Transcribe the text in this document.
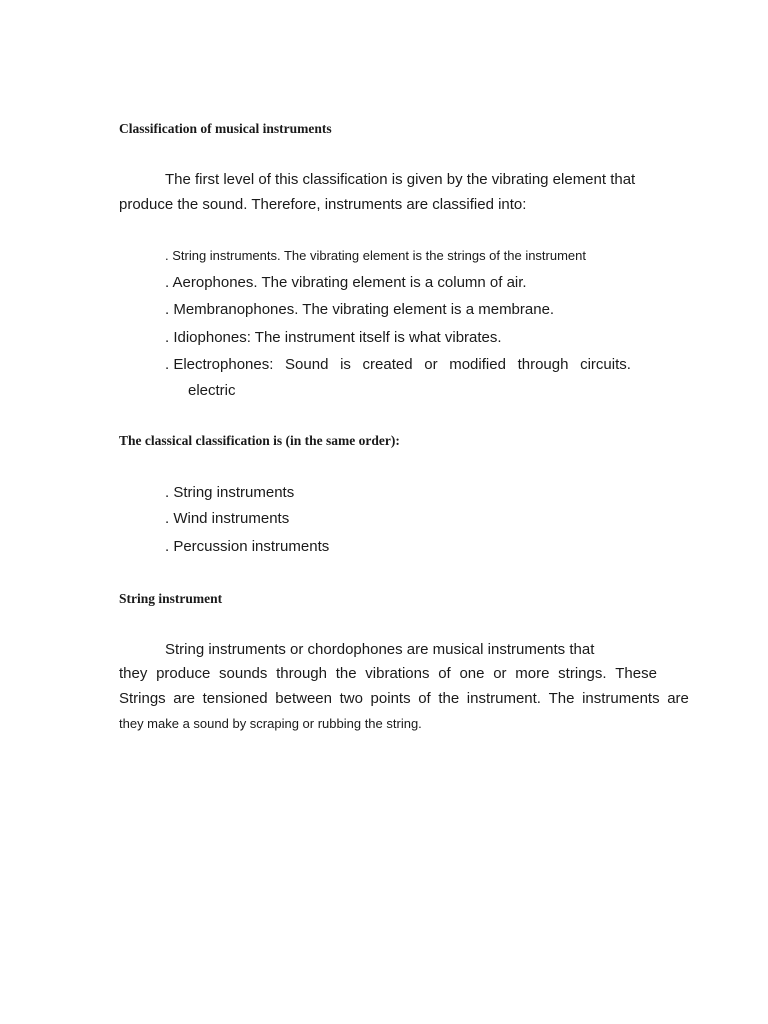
Classification of musical instruments
The first level of this classification is given by the vibrating element that
produce the sound. Therefore, instruments are classified into:
. String instruments. The vibrating element is the strings of the instrument
. Aerophones. The vibrating element is a column of air.
. Membranophones. The vibrating element is a membrane.
. Idiophones: The instrument itself is what vibrates.
. Electrophones: Sound is created or modified through circuits.
electric
The classical classification is (in the same order):
. String instruments
. Wind instruments
. Percussion instruments
String instrument
String instruments or chordophones are musical instruments that
they produce sounds through the vibrations of one or more strings. These
Strings are tensioned between two points of the instrument. The instruments are
they make a sound by scraping or rubbing the string.
